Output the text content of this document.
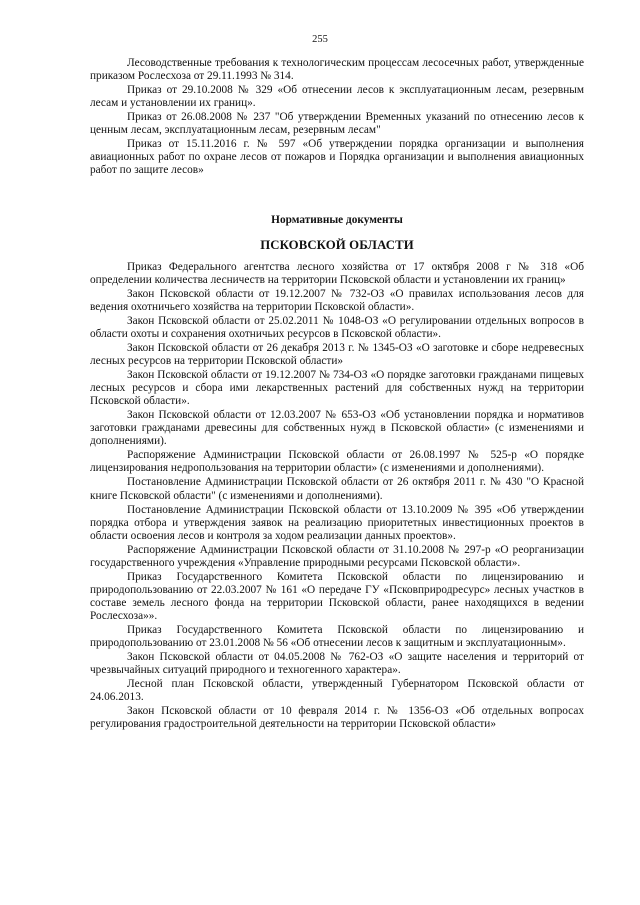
255

Лесоводственные требования к технологическим процессам лесосечных работ, утвержденные приказом Рослесхоза от 29.11.1993 № 314.

Приказ от 29.10.2008 № 329 «Об отнесении лесов к эксплуатационным лесам, резервным лесам и установлении их границ».

Приказ от 26.08.2008 № 237 "Об утверждении Временных указаний по отнесению лесов к ценным лесам, эксплуатационным лесам, резервным лесам"

Приказ от 15.11.2016 г. № 597 «Об утверждении порядка организации и выполнения авиационных работ по охране лесов от пожаров и Порядка организации и выполнения авиационных работ по защите лесов»

Нормативные документы
ПСКОВСКОЙ ОБЛАСТИ

Приказ Федерального агентства лесного хозяйства от 17 октября 2008 г № 318 «Об определении количества лесничеств на территории Псковской области и установлении их границ»

Закон Псковской области от 19.12.2007 № 732-ОЗ «О правилах использования лесов для ведения охотничьего хозяйства на территории Псковской области».

Закон Псковской области от 25.02.2011 № 1048-ОЗ «О регулировании отдельных вопросов в области охоты и сохранения охотничьих ресурсов в Псковской области».

Закон Псковской области от 26 декабря 2013 г. № 1345-ОЗ «О заготовке и сборе недревесных лесных ресурсов на территории Псковской области»

Закон Псковской области от 19.12.2007 № 734-ОЗ «О порядке заготовки гражданами пищевых лесных ресурсов и сбора ими лекарственных растений для собственных нужд на территории Псковской области».

Закон Псковской области от 12.03.2007 № 653-ОЗ «Об установлении порядка и нормативов заготовки гражданами древесины для собственных нужд в Псковской области» (с изменениями и дополнениями).

Распоряжение Администрации Псковской области от 26.08.1997 № 525-р «О порядке лицензирования недропользования на территории области» (с изменениями и дополнениями).

Постановление Администрации Псковской области от 26 октября 2011 г. № 430 "О Красной книге Псковской области" (с изменениями и дополнениями).

Постановление Администрации Псковской области от 13.10.2009 № 395 «Об утверждении порядка отбора и утверждения заявок на реализацию приоритетных инвестиционных проектов в области освоения лесов и контроля за ходом реализации данных проектов».

Распоряжение Администрации Псковской области от 31.10.2008 № 297-р «О реорганизации государственного учреждения «Управление природными ресурсами Псковской области».

Приказ Государственного Комитета Псковской области по лицензированию и природопользованию от 22.03.2007 № 161 «О передаче ГУ «Псковприродресурс» лесных участков в составе земель лесного фонда на территории Псковской области, ранее находящихся в ведении Рослесхоза»».

Приказ Государственного Комитета Псковской области по лицензированию и природопользованию от 23.01.2008 № 56 «Об отнесении лесов к защитным и эксплуатационным».

Закон Псковской области от 04.05.2008 № 762-ОЗ «О защите населения и территорий от чрезвычайных ситуаций природного и техногенного характера».

Лесной план Псковской области, утвержденный Губернатором Псковской области от 24.06.2013.

Закон Псковской области от 10 февраля 2014 г. № 1356-ОЗ «Об отдельных вопросах регулирования градостроительной деятельности на территории Псковской области»
